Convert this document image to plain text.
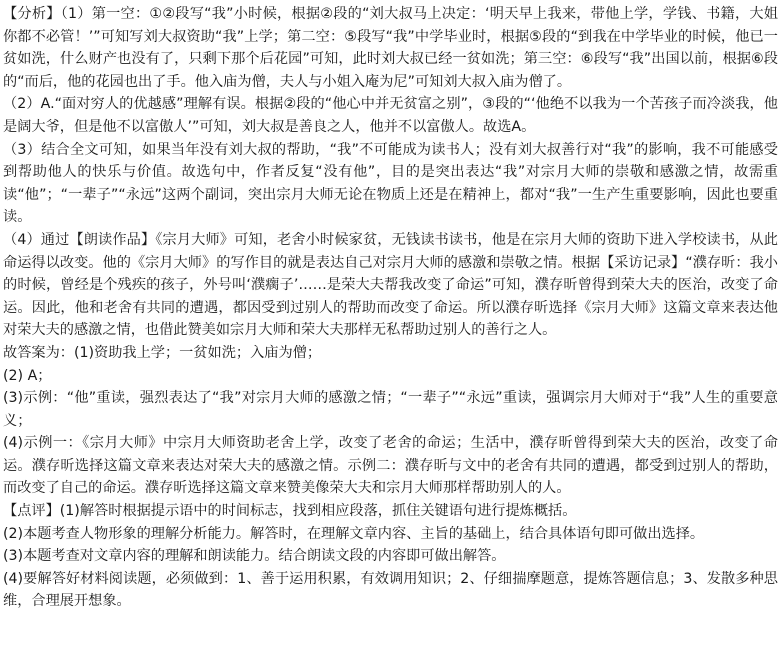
【分析】（1）第一空：①②段写“我”小时候，根据②段的“刘大叔马上决定：‘明天早上我来，带他上学，学钱、书籍，大姐你都不必管！’”可知写刘大叔资助“我”上学；第二空：⑤段写“我”中学毕业时，根据⑤段的“到我在中学毕业的时候，他已一贫如洗，什么财产也没有了，只剩下那个后花园”可知，此时刘大叔已经一贫如洗；第三空：⑥段写“我”出国以前，根据⑥段的“而后，他的花园也出了手。他入庙为僧，夫人与小姐入庵为尼”可知刘大叔入庙为僧了。

（2）A.“面对穷人的优越感”理解有误。根据②段的“他心中并无贫富之别”，③段的“‘他绝不以我为一个苦孩子而冷淡我，他是阔大爷，但是他不以富傲人’”可知，刘大叔是善良之人，他并不以富傲人。故选A。

（3）结合全文可知，如果当年没有刘大叔的帮助，“我”不可能成为读书人；没有刘大叔善行对“我”的影响，我不可能感受到帮助他人的快乐与价值。故选句中，作者反复“没有他”，目的是突出表达“我”对宗月大师的崇敬和感激之情，故需重读“他”；“一辈子”“永远”这两个副词，突出宗月大师无论在物质上还是在精神上，都对“我”一生产生重要影响，因此也要重读。

（4）通过【朗读作品】《宗月大师》可知，老舍小时候家贫，无钱读书读书，他是在宗月大师的资助下进入学校读书，从此命运得以改变。他的《宗月大师》的写作目的就是表达自己对宗月大师的感激和崇敬之情。根据【采访记录】“濮存昕：我小的时候，曾经是个残疾的孩子，外号叫‘濮瘸子’……是荣大夫帮我改变了命运”可知，濮存昕曾得到荣大夫的医治，改变了命运。因此，他和老舍有共同的遭遇，都因受到过别人的帮助而改变了命运。所以濮存昕选择《宗月大师》这篇文章来表达他对荣大夫的感激之情，也借此赞美如宗月大师和荣大夫那样无私帮助过别人的善行之人。

故答案为：(1)资助我上学；一贫如洗；入庙为僧；

(2) A；

(3)示例：“他”重读，强烈表达了“我”对宗月大师的感激之情；“一辈子”“永远”重读，强调宗月大师对于“我”人生的重要意义；

(4)示例一：《宗月大师》中宗月大师资助老舍上学，改变了老舍的命运；生活中，濮存昕曾得到荣大夫的医治，改变了命运。濮存昕选择这篇文章来表达对荣大夫的感激之情。示例二：濮存昕与文中的老舍有共同的遭遇，都受到过别人的帮助，而改变了自己的命运。濮存昕选择这篇文章来赞美像荣大夫和宗月大师那样帮助别人的人。

【点评】(1)解答时根据提示语中的时间标志，找到相应段落，抓住关键语句进行提炼概括。

(2)本题考查人物形象的理解分析能力。解答时，在理解文章内容、主旨的基础上，结合具体语句即可做出选择。

(3)本题考查对文章内容的理解和朗读能力。结合朗读文段的内容即可做出解答。

(4)要解答好材料阅读题，必须做到：1、善于运用积累，有效调用知识；2、仔细揣摩题意，提炼答题信息；3、发散多种思维，合理展开想象。
